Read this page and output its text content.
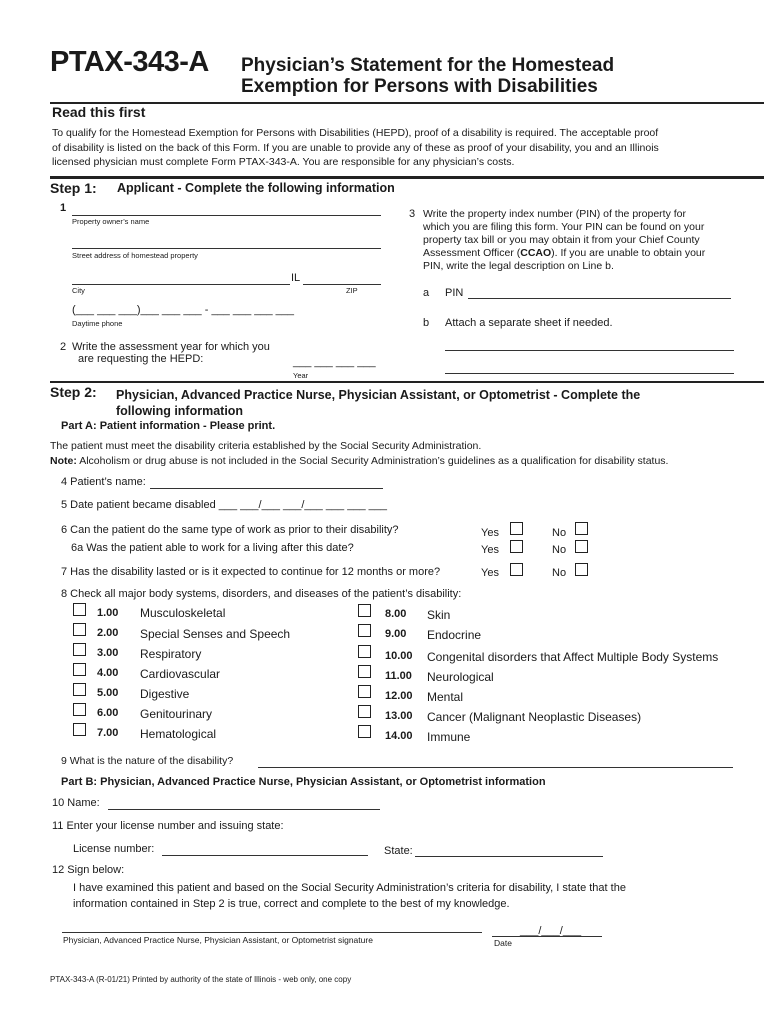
PTAX-343-A Physician’s Statement for the Homestead
Exemption for Persons with Disabilities
Read this first
To qualify for the Homestead Exemption for Persons with Disabilities (HEPD), proof of a disability is required. The acceptable proof
of disability is listed on the back of this Form. If you are unable to provide any of these as proof of your disability, you and an Illinois
licensed physician must complete Form PTAX-343-A. You are responsible for any physician’s costs.
Step 1: Applicant - Complete the following information
1
Property owner’s name
Street address of homestead property
IL
City	ZIP
(___ ___ ___)___ ___ ___ - ___ ___ ___ ___
Daytime phone
2 Write the assessment year for which you
are requesting the HEPD:	___ ___ ___ ___
Year
3 Write the property index number (PIN) of the property for
which you are filing this form. Your PIN can be found on your
property tax bill or you may obtain it from your Chief County
Assessment Officer (CCAO). If you are unable to obtain your
PIN, write the legal description on Line b.
a PIN
b Attach a separate sheet if needed.
Step 2: Physician, Advanced Practice Nurse, Physician Assistant, or Optometrist - Complete the
following information
Part A: Patient information - Please print.
The patient must meet the disability criteria established by the Social Security Administration.
Note: Alcoholism or drug abuse is not included in the Social Security Administration’s guidelines as a qualification for disability status.
4 Patient’s name:
5 Date patient became disabled ___ ___/___ ___/___ ___ ___ ___
6 Can the patient do the same type of work as prior to their disability?	Yes	No
6a Was the patient able to work for a living after this date?	Yes	No
7 Has the disability lasted or is it expected to continue for 12 months or more?	Yes	No
8 Check all major body systems, disorders, and diseases of the patient’s disability:
1.00 Musculoskeletal
2.00 Special Senses and Speech
3.00 Respiratory
4.00 Cardiovascular
5.00 Digestive
6.00 Genitourinary
7.00 Hematological
8.00 Skin
9.00 Endocrine
10.00 Congenital disorders that Affect Multiple Body Systems
11.00 Neurological
12.00 Mental
13.00 Cancer (Malignant Neoplastic Diseases)
14.00 Immune
9 What is the nature of the disability?
Part B: Physician, Advanced Practice Nurse, Physician Assistant, or Optometrist information
10 Name:
11 Enter your license number and issuing state:
License number:	State:
12 Sign below:
I have examined this patient and based on the Social Security Administration’s criteria for disability, I state that the
information contained in Step 2 is true, correct and complete to the best of my knowledge.
Physician, Advanced Practice Nurse, Physician Assistant, or Optometrist signature
___/___/___
Date
PTAX-343-A (R-01/21) Printed by authority of the state of Illinois - web only, one copy
